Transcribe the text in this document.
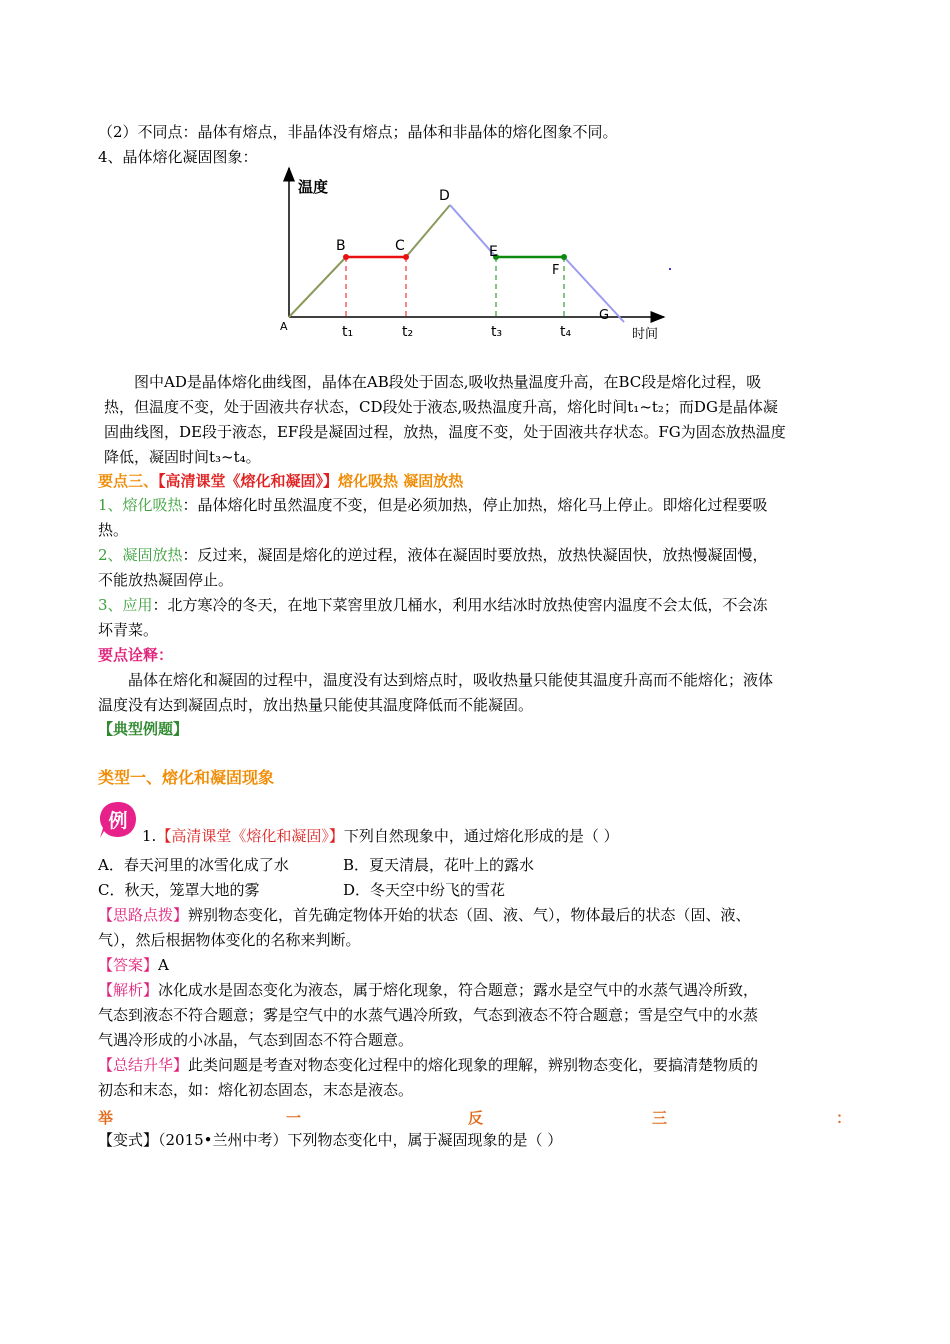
（2）不同点：晶体有熔点，非晶体没有熔点；晶体和非晶体的熔化图象不同。
4、晶体熔化凝固图象：
温度
时间
A
B	C
D
E
F
G
t₁	t₂	t₃	t₄
图中AD是晶体熔化曲线图，晶体在AB段处于固态,吸收热量温度升高，在BC段是熔化过程，吸
热，但温度不变，处于固液共存状态，CD段处于液态,吸热温度升高，熔化时间t₁~t₂；而DG是晶体凝
固曲线图，DE段于液态，EF段是凝固过程，放热，温度不变，处于固液共存状态。FG为固态放热温度
降低，凝固时间t₃~t₄。
要点三、【高清课堂《熔化和凝固》】熔化吸热 凝固放热
1、熔化吸热：晶体熔化时虽然温度不变，但是必须加热，停止加热，熔化马上停止。即熔化过程要吸
热。
2、凝固放热：反过来，凝固是熔化的逆过程，液体在凝固时要放热，放热快凝固快，放热慢凝固慢，
不能放热凝固停止。
3、应用：北方寒冷的冬天，在地下菜窖里放几桶水，利用水结冰时放热使窖内温度不会太低，不会冻
坏青菜。
要点诠释：
晶体在熔化和凝固的过程中，温度没有达到熔点时，吸收热量只能使其温度升高而不能熔化；液体
温度没有达到凝固点时，放出热量只能使其温度降低而不能凝固。
【典型例题】
类型一、熔化和凝固现象
例
1.【高清课堂《熔化和凝固》】下列自然现象中，通过熔化形成的是（ ）
A．春天河里的冰雪化成了水	B．夏天清晨，花叶上的露水
C．秋天，笼罩大地的雾	D．冬天空中纷飞的雪花
【思路点拨】辨别物态变化，首先确定物体开始的状态（固、液、气），物体最后的状态（固、液、
气），然后根据物体变化的名称来判断。
【答案】A
【解析】冰化成水是固态变化为液态，属于熔化现象，符合题意；露水是空气中的水蒸气遇冷所致，
气态到液态不符合题意；雾是空气中的水蒸气遇冷所致，气态到液态不符合题意；雪是空气中的水蒸
气遇冷形成的小冰晶，气态到固态不符合题意。
【总结升华】此类问题是考查对物态变化过程中的熔化现象的理解，辨别物态变化，要搞清楚物质的
初态和末态，如：熔化初态固态，末态是液态。
举	一	反	三	：
【变式】（2015•兰州中考）下列物态变化中，属于凝固现象的是（ ）
